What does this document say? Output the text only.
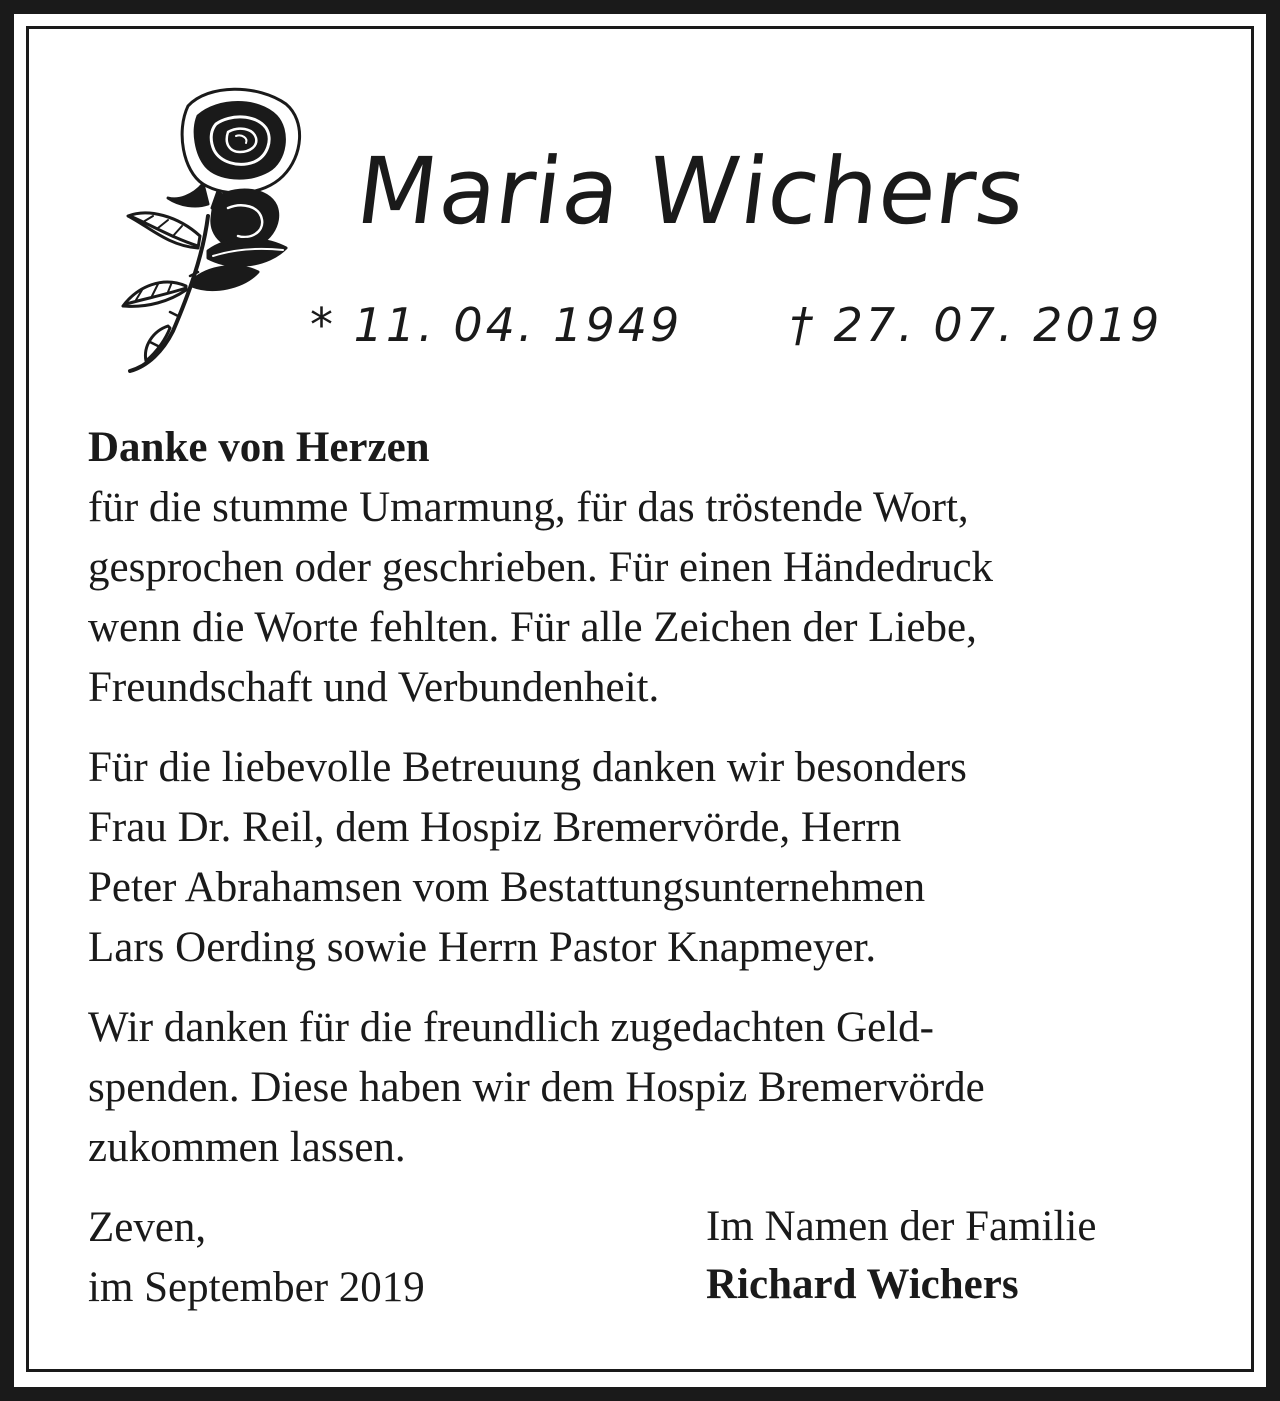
Maria Wichers
* 11. 04. 1949 † 27. 07. 2019
Danke von Herzen
für die stumme Umarmung, für das tröstende Wort,
gesprochen oder geschrieben. Für einen Händedruck
wenn die Worte fehlten. Für alle Zeichen der Liebe,
Freundschaft und Verbundenheit.
Für die liebevolle Betreuung danken wir besonders
Frau Dr. Reil, dem Hospiz Bremervörde, Herrn
Peter Abrahamsen vom Bestattungsunternehmen
Lars Oerding sowie Herrn Pastor Knapmeyer.
Wir danken für die freundlich zugedachten Geld-
spenden. Diese haben wir dem Hospiz Bremervörde
zukommen lassen.
Zeven,
im September 2019
Im Namen der Familie
Richard Wichers
